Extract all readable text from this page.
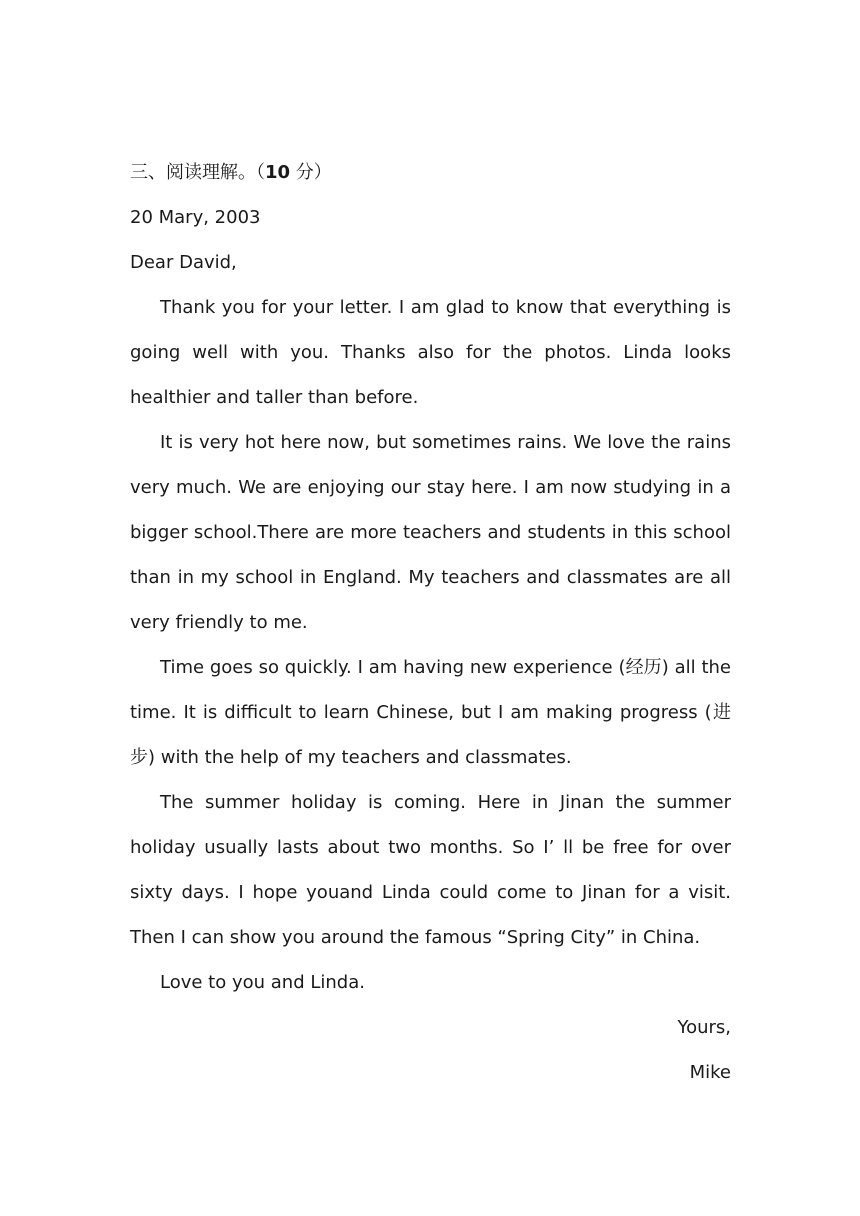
三、阅读理解。（10 分）

20 Mary, 2003

Dear David,

Thank you for your letter. I am glad to know that everything is going well with you. Thanks also for the photos. Linda looks healthier and taller than before.

It is very hot here now, but sometimes rains. We love the rains very much. We are enjoying our stay here. I am now studying in a bigger school.There are more teachers and students in this school than in my school in England. My teachers and classmates are all very friendly to me.

Time goes so quickly. I am having new experience (经历) all the time. It is difficult to learn Chinese, but I am making progress (进步) with the help of my teachers and classmates.

The summer holiday is coming. Here in Jinan the summer holiday usually lasts about two months. So I’ ll be free for over sixty days. I hope youand Linda could come to Jinan for a visit. Then I can show you around the famous “Spring City” in China.

Love to you and Linda.

Yours,

Mike
